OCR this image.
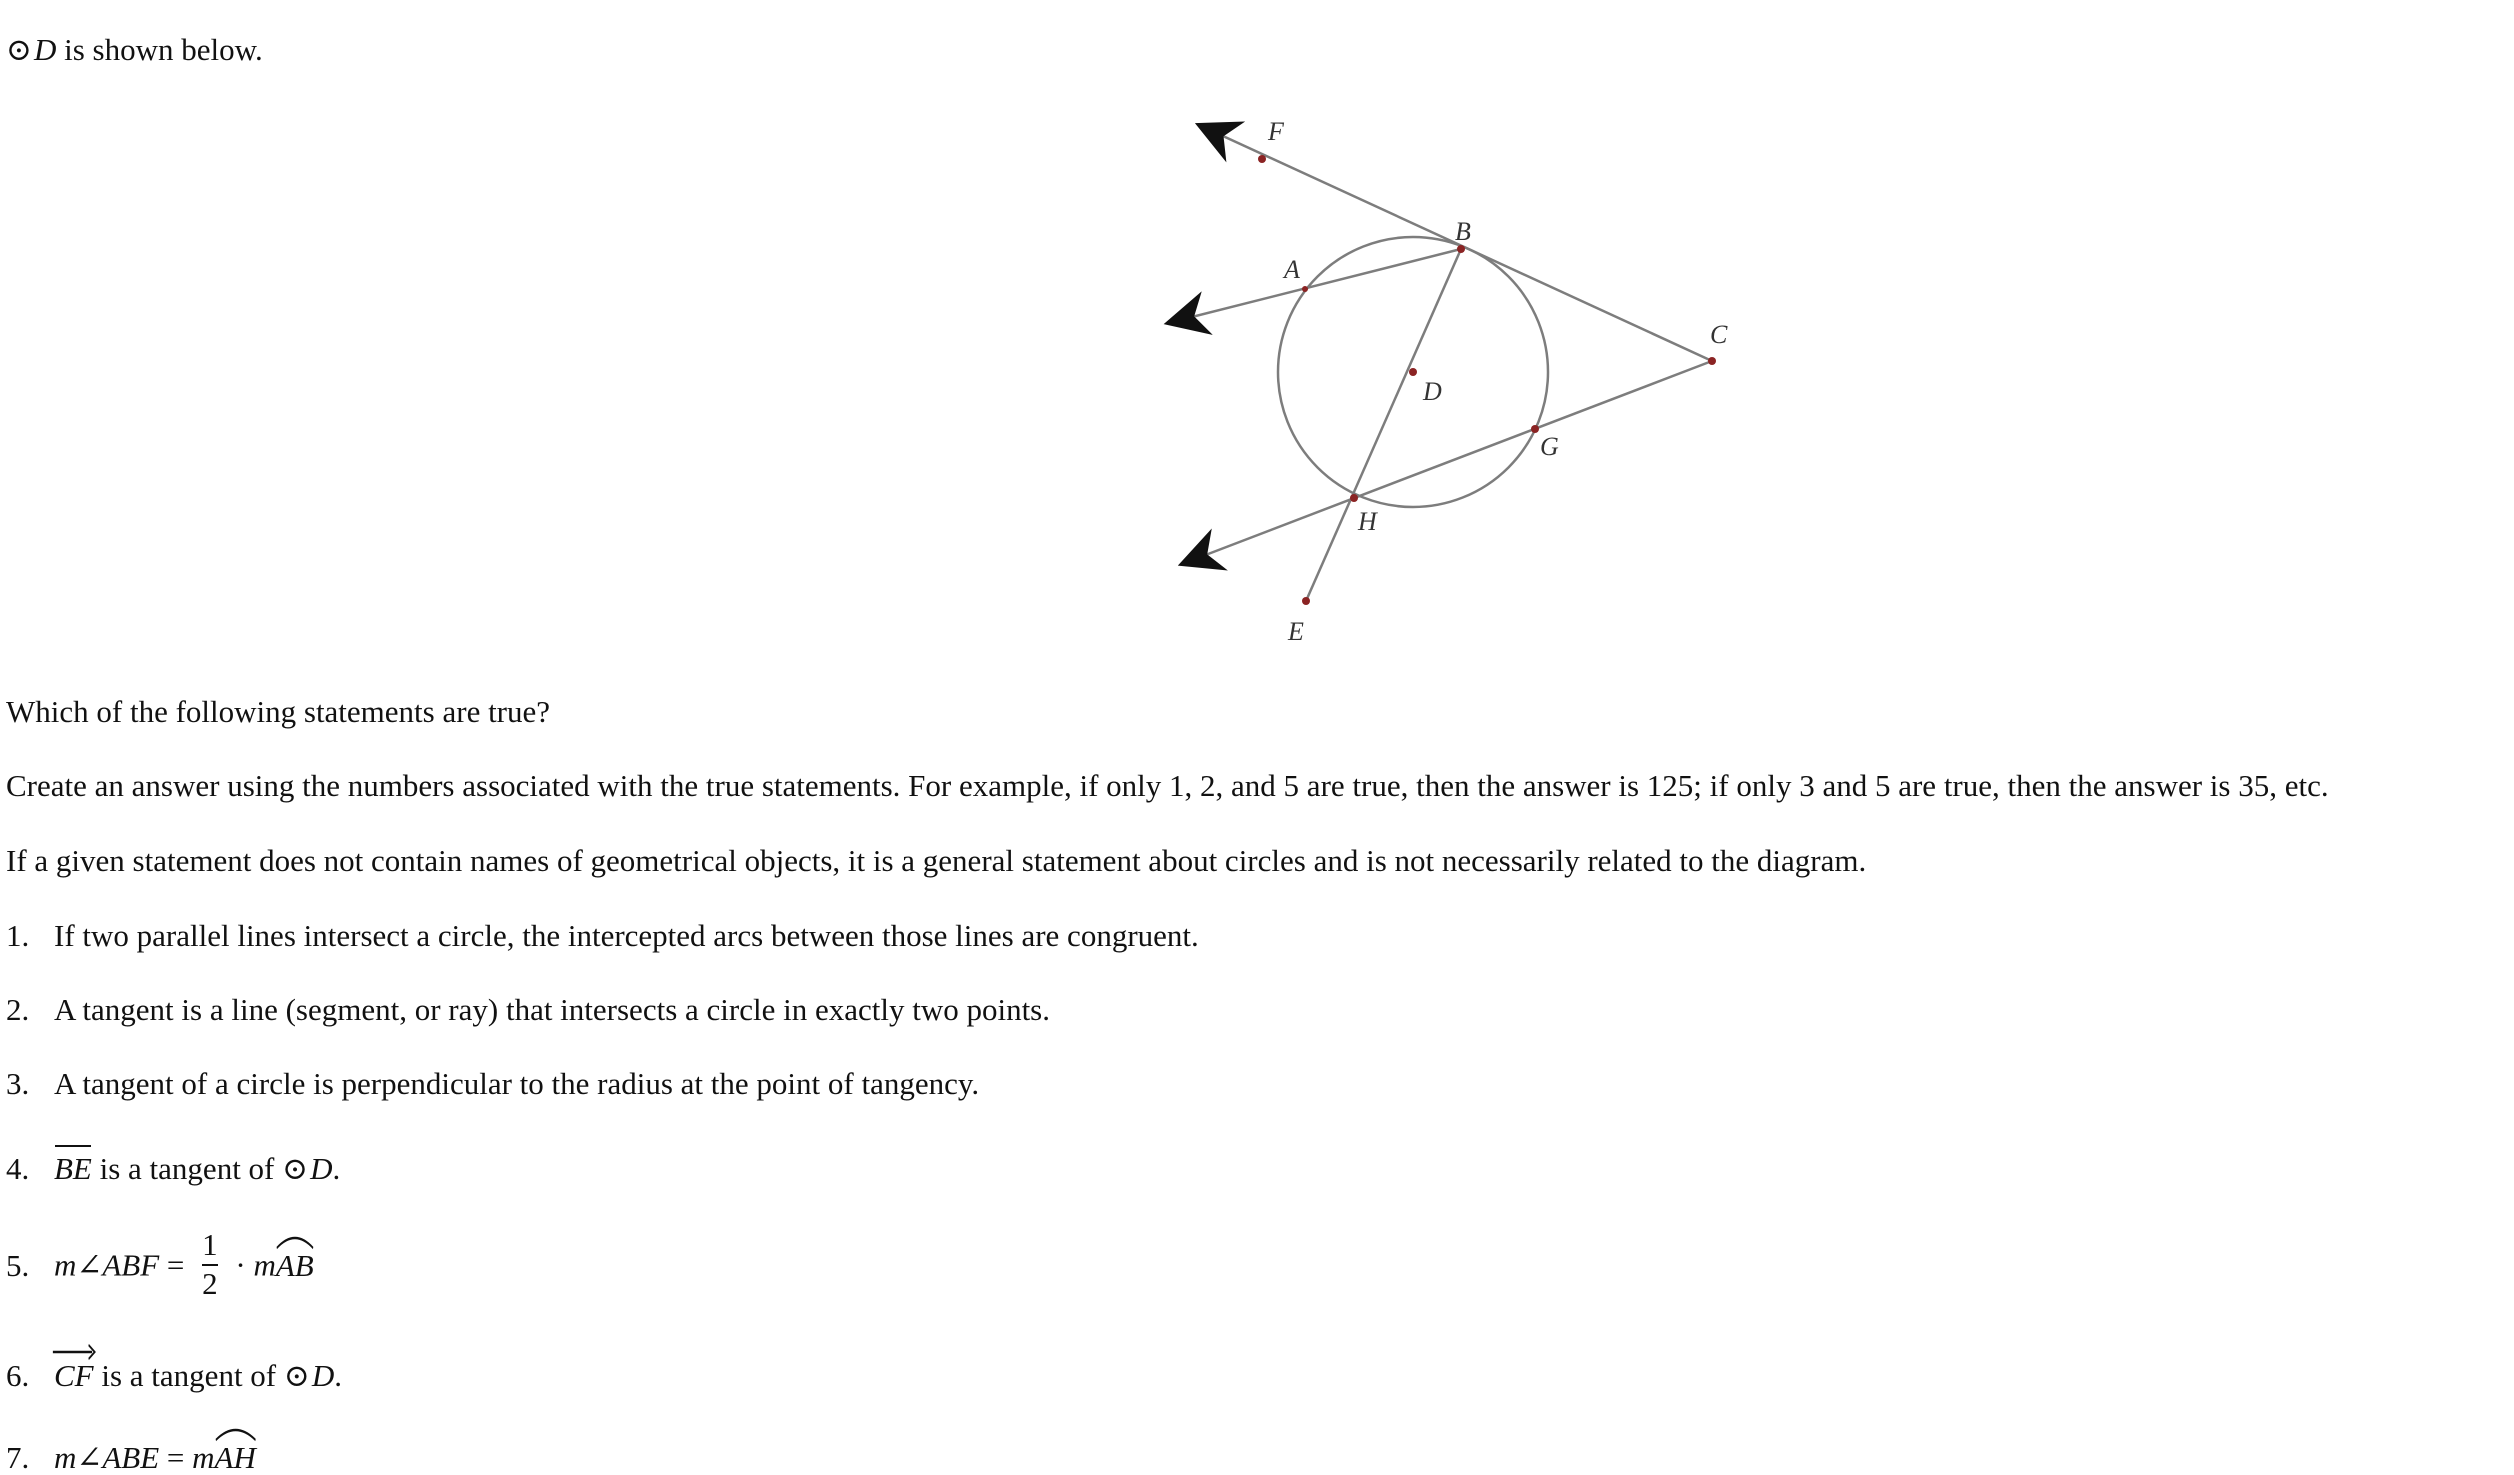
⊙D is shown below.
F
A
B
C
D
G
H
E
Which of the following statements are true?
Create an answer using the numbers associated with the true statements. For example, if only 1, 2, and 5 are true, then the answer is 125; if only 3 and 5 are true, then the answer is 35, etc.
If a given statement does not contain names of geometrical objects, it is a general statement about circles and is not necessarily related to the diagram.
1. If two parallel lines intersect a circle, the intercepted arcs between those lines are congruent.
2. A tangent is a line (segment, or ray) that intersects a circle in exactly two points.
3. A tangent of a circle is perpendicular to the radius at the point of tangency.
4. BE is a tangent of ⊙D.
5. m∠ABF = $\frac{1}{2} \cdot m$
AB
6. CF is a tangent of ⊙D.
7. m∠ABE = m
AH
